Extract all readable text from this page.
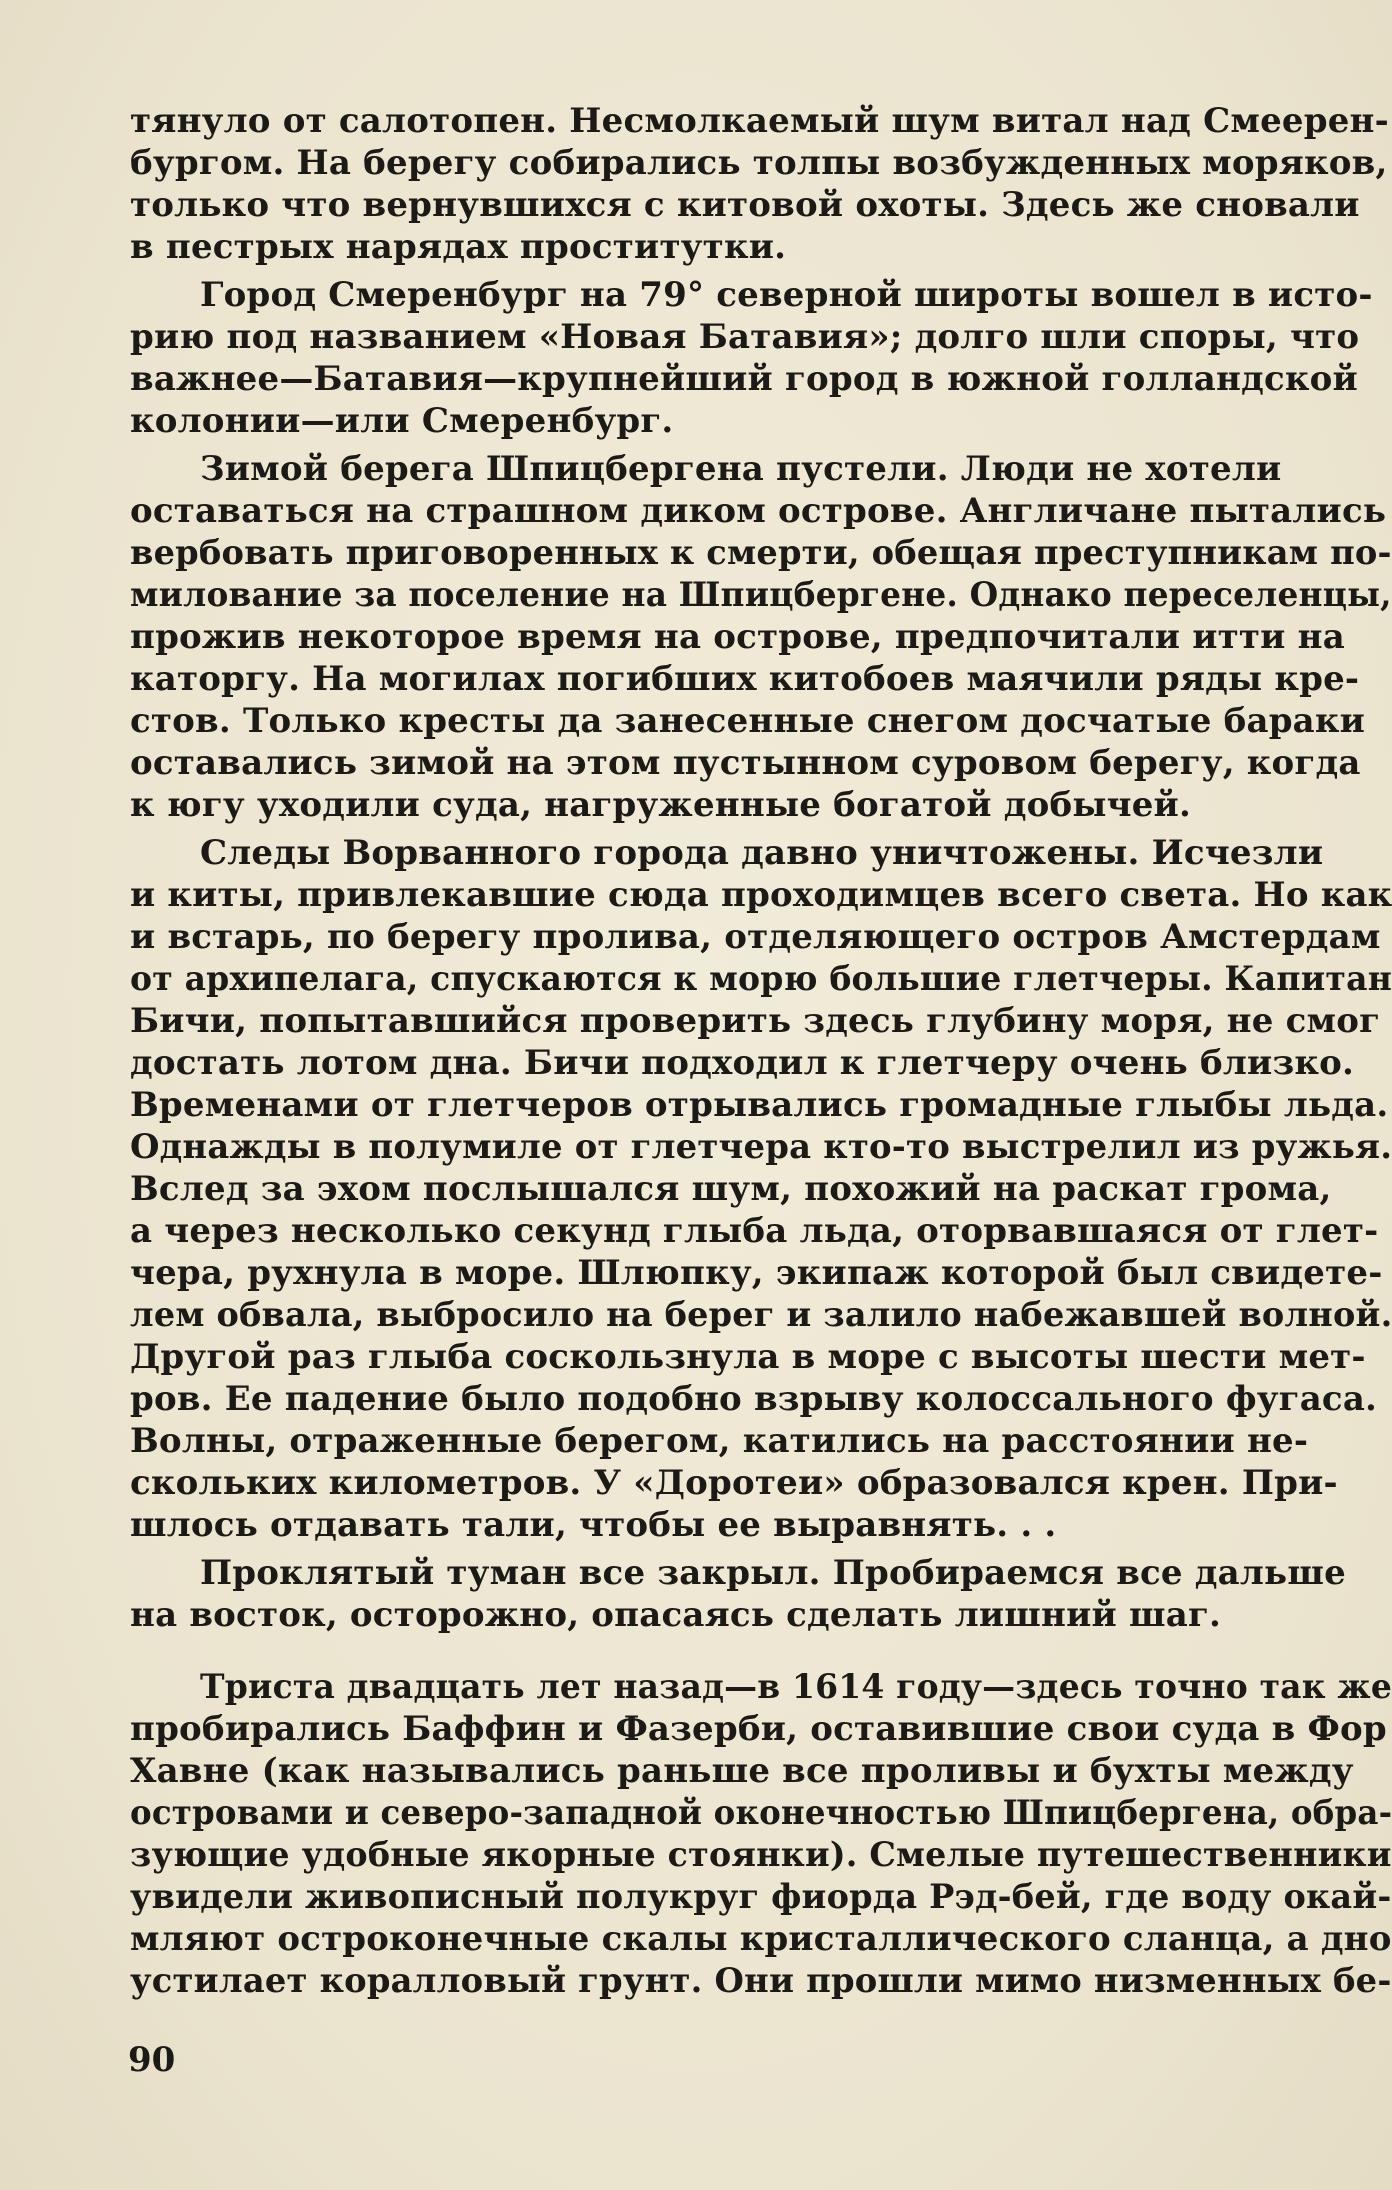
тянуло от салотопен. Несмолкаемый шум витал над Смеерен-
бургом. На берегу собирались толпы возбужденных моряков,
только что вернувшихся с китовой охоты. Здесь же сновали
в пестрых нарядах проститутки.
Город Смеренбург на 79° северной широты вошел в исто-
рию под названием «Новая Батавия»; долго шли споры, что
важнее—Батавия—крупнейший город в южной голландской
колонии—или Смеренбург.
Зимой берега Шпицбергена пустели. Люди не хотели
оставаться на страшном диком острове. Англичане пытались
вербовать приговоренных к смерти, обещая преступникам по-
милование за поселение на Шпицбергене. Однако переселенцы,
прожив некоторое время на острове, предпочитали итти на
каторгу. На могилах погибших китобоев маячили ряды кре-
стов. Только кресты да занесенные снегом досчатые бараки
оставались зимой на этом пустынном суровом берегу, когда
к югу уходили суда, нагруженные богатой добычей.
Следы Ворванного города давно уничтожены. Исчезли
и киты, привлекавшие сюда проходимцев всего света. Но как
и встарь, по берегу пролива, отделяющего остров Амстердам
от архипелага, спускаются к морю большие глетчеры. Капитан
Бичи, попытавшийся проверить здесь глубину моря, не смог
достать лотом дна. Бичи подходил к глетчеру очень близко.
Временами от глетчеров отрывались громадные глыбы льда.
Однажды в полумиле от глетчера кто-то выстрелил из ружья.
Вслед за эхом послышался шум, похожий на раскат грома,
а через несколько секунд глыба льда, оторвавшаяся от глет-
чера, рухнула в море. Шлюпку, экипаж которой был свидете-
лем обвала, выбросило на берег и залило набежавшей волной.
Другой раз глыба соскользнула в море с высоты шести мет-
ров. Ее падение было подобно взрыву колоссального фугаса.
Волны, отраженные берегом, катились на расстоянии не-
скольких километров. У «Доротеи» образовался крен. При-
шлось отдавать тали, чтобы ее выравнять. . .
Проклятый туман все закрыл. Пробираемся все дальше
на восток, осторожно, опасаясь сделать лишний шаг.
Триста двадцать лет назад—в 1614 году—здесь точно так же
пробирались Баффин и Фазерби, оставившие свои суда в Фор
Хавне (как назывались раньше все проливы и бухты между
островами и северо-западной оконечностью Шпицбергена, обра-
зующие удобные якорные стоянки). Смелые путешественники
увидели живописный полукруг фиорда Рэд-бей, где воду окай-
мляют остроконечные скалы кристаллического сланца, а дно
устилает коралловый грунт. Они прошли мимо низменных бе-
90
